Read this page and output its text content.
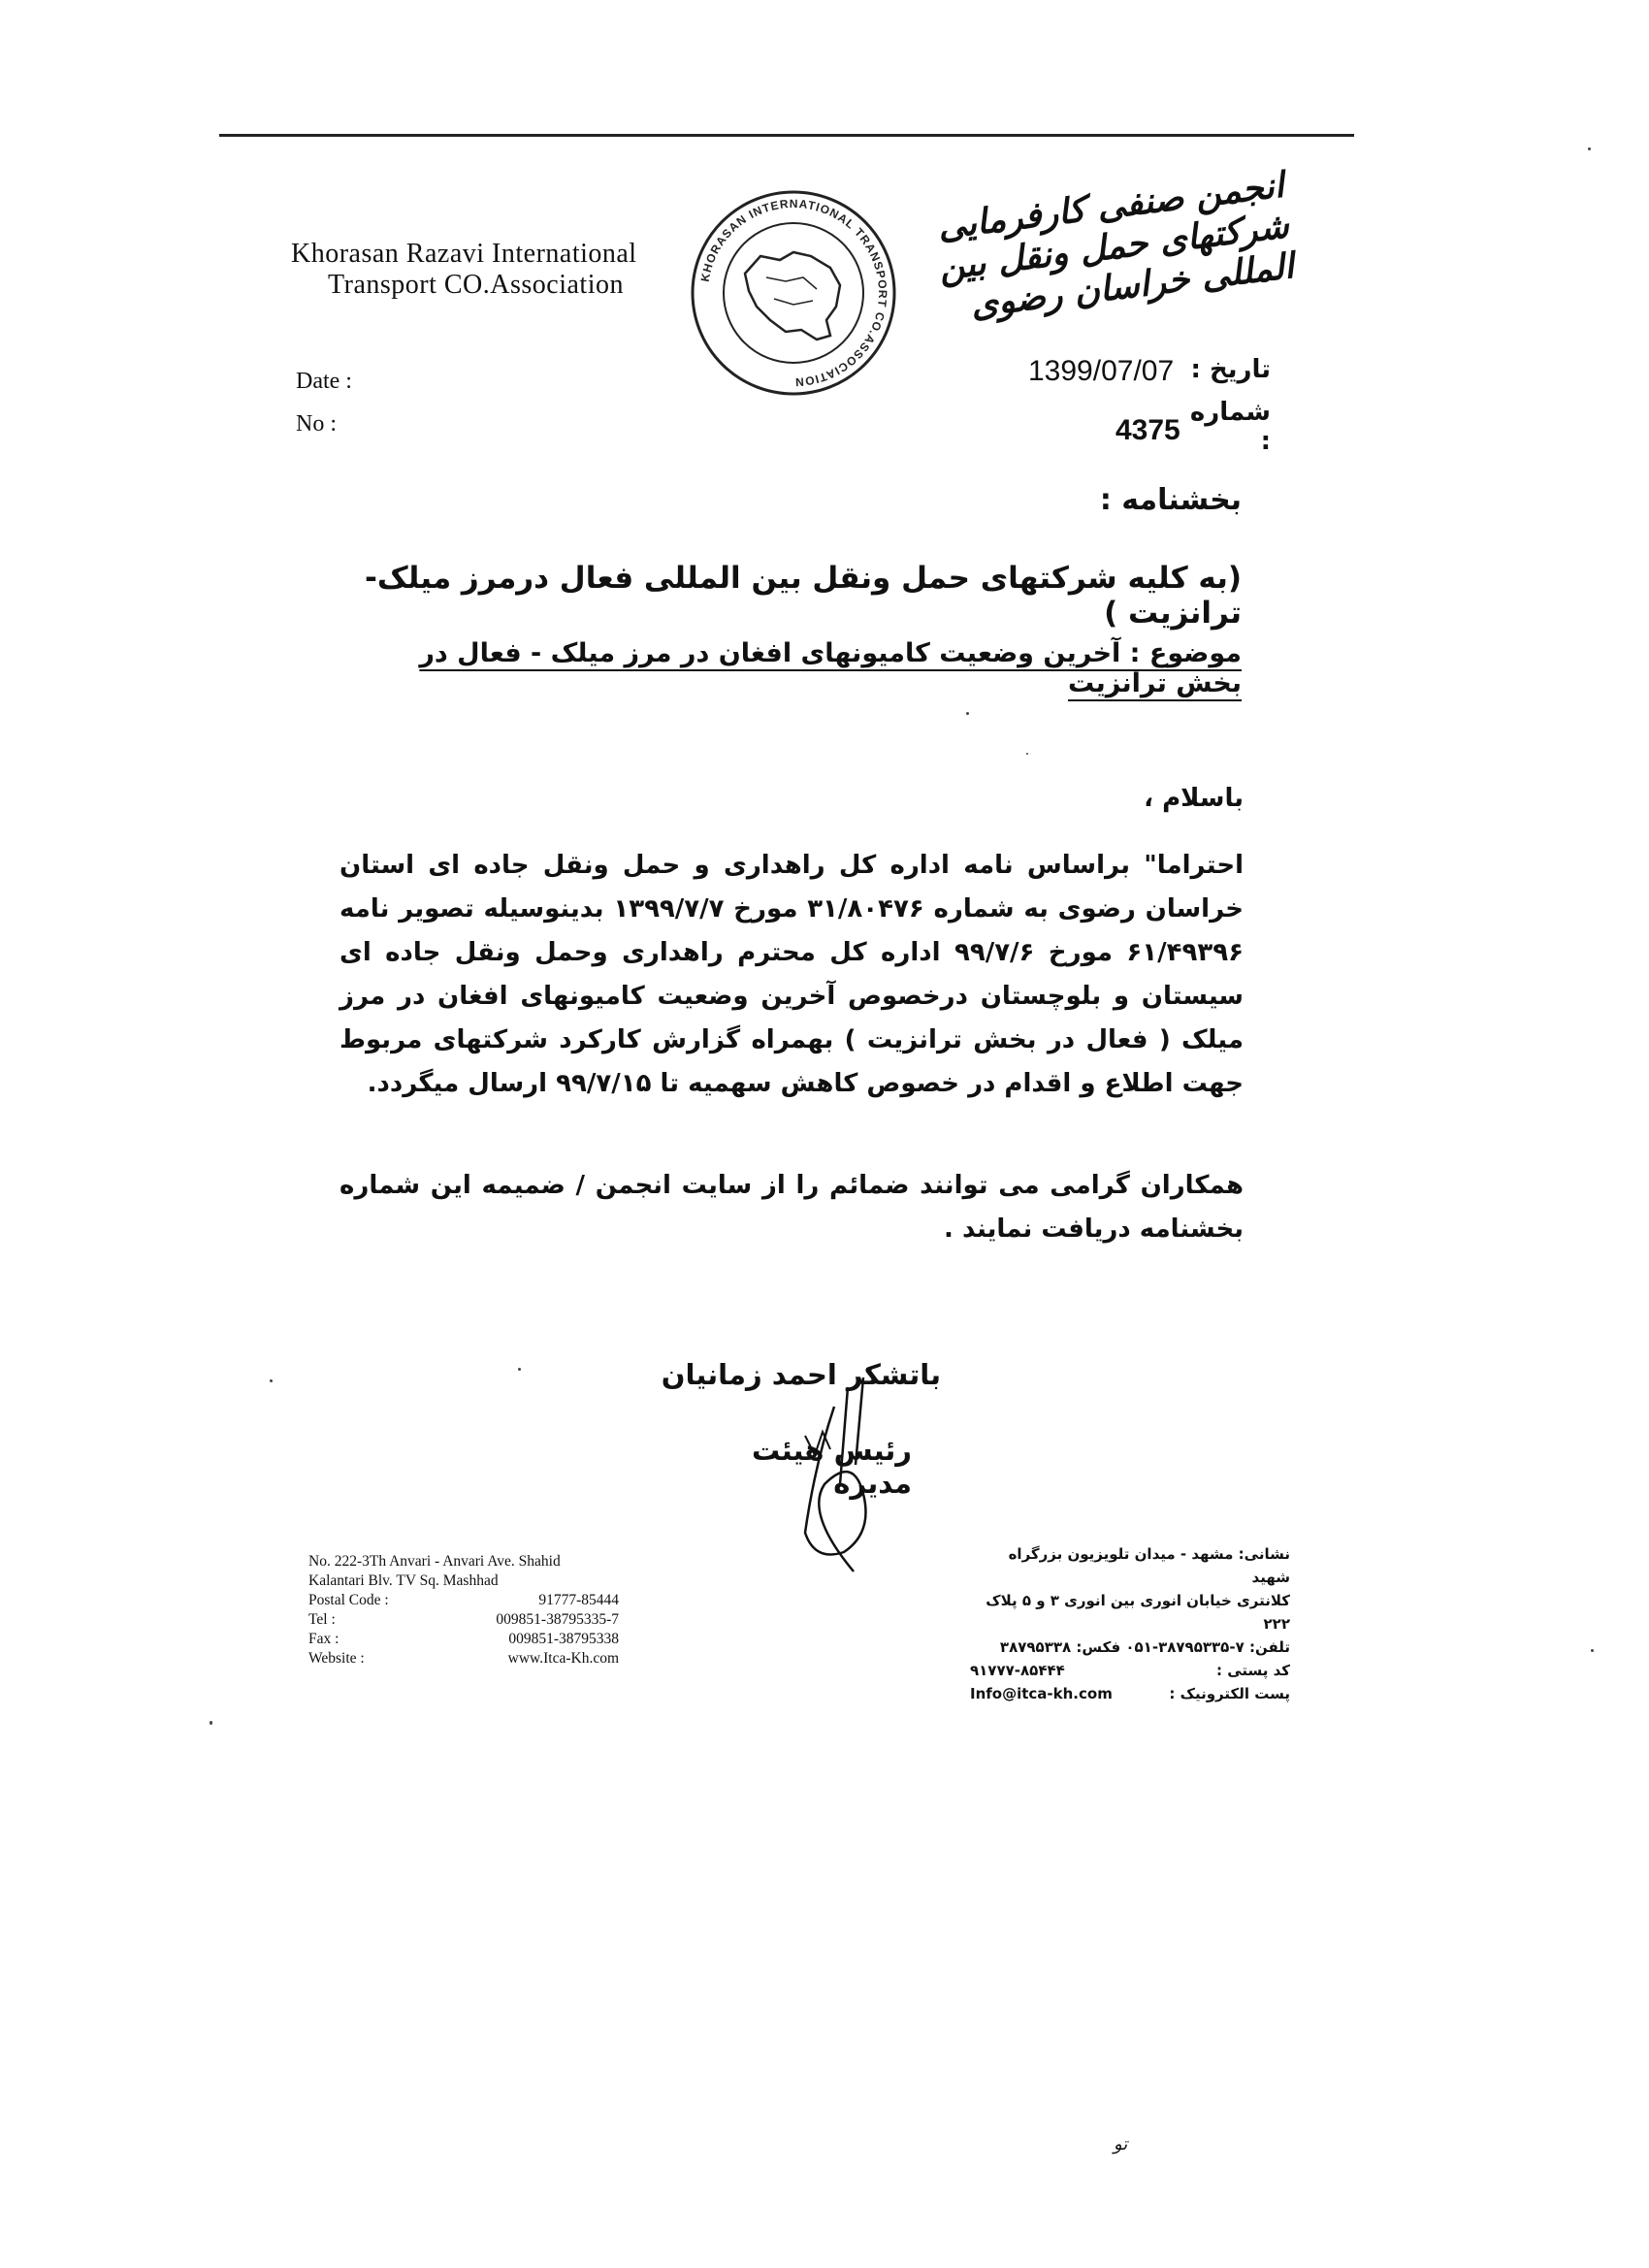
Khorasan Razavi International
Transport CO.Association	KHORASAN INTERNATIONAL TRANSPORT CO.ASSOCIATION
انجمن صنفی کارفرمایی شرکتهای حمل ونقل بین المللی خراسان رضوی
Date :
No :
1399/07/07 تاریخ :
4375
شماره :
بخشنامه :
(به کلیه شرکتهای حمل ونقل بین المللی فعال درمرز میلک-ترانزیت )
موضوع : آخرین وضعیت کامیونهای افغان در مرز میلک - فعال در بخش ترانزیت
باسلام ،
احتراما" براساس نامه اداره کل راهداری و حمل ونقل جاده ای استان خراسان رضوی به شماره ۳۱/۸۰۴۷۶ مورخ ۱۳۹۹/۷/۷ بدینوسیله تصویر نامه ۶۱/۴۹۳۹۶ مورخ ۹۹/۷/۶ اداره کل محترم راهداری وحمل ونقل جاده ای سیستان و بلوچستان درخصوص آخرین وضعیت کامیونهای افغان در مرز میلک ( فعال در بخش ترانزیت ) بهمراه گزارش کارکرد شرکتهای مربوط جهت اطلاع و اقدام در خصوص کاهش سهمیه تا ۹۹/۷/۱۵ ارسال میگردد.
همکاران گرامی می توانند ضمائم را از سایت انجمن / ضمیمه این شماره بخشنامه دریافت نمایند .
باتشکر احمد زمانیان
رئیس هیئت مدیره
No. 222-3Th Anvari - Anvari Ave. Shahid
Kalantari Blv. TV Sq. Mashhad
Postal Code :	91777-85444
Tel :	009851-38795335-7
Fax :	009851-38795338
Website :	www.Itca-Kh.com
نشانی: مشهد - میدان تلویزیون بزرگراه شهید
کلانتری خیابان انوری بین انوری ۳ و ۵ پلاک ۲۲۲
تلفن: ۷-۳۸۷۹۵۳۳۵-۰۵۱ فکس: ۳۸۷۹۵۳۳۸
کد پستی :
۹۱۷۷۷-۸۵۴۴۴
پست الکترونیک :
Info@itca-kh.com
تو
